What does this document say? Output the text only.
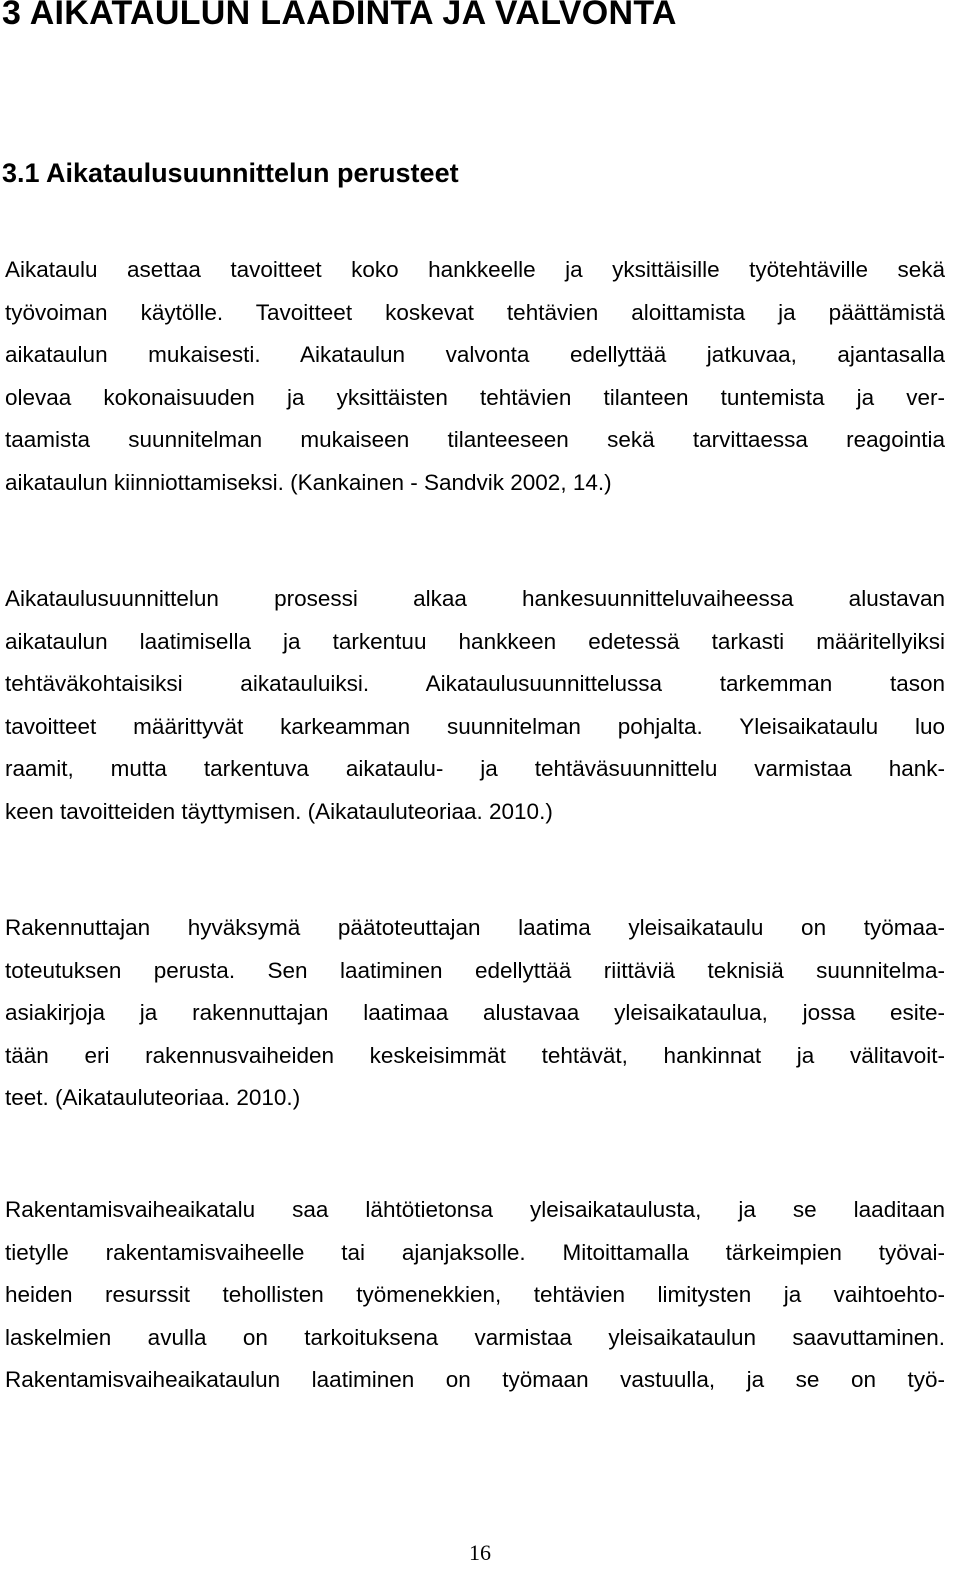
3 AIKATAULUN LAADINTA JA VALVONTA
3.1 Aikataulusuunnittelun perusteet
Aikataulu asettaa tavoitteet koko hankkeelle ja yksittäisille työtehtäville sekä
työvoiman käytölle. Tavoitteet koskevat tehtävien aloittamista ja päättämistä
aikataulun mukaisesti. Aikataulun valvonta edellyttää jatkuvaa, ajantasalla
olevaa kokonaisuuden ja yksittäisten tehtävien tilanteen tuntemista ja ver-
taamista suunnitelman mukaiseen tilanteeseen sekä tarvittaessa reagointia
aikataulun kiinniottamiseksi. (Kankainen - Sandvik 2002, 14.)
Aikataulusuunnittelun prosessi alkaa hankesuunnitteluvaiheessa alustavan
aikataulun laatimisella ja tarkentuu hankkeen edetessä tarkasti määritellyiksi
tehtäväkohtaisiksi aikatauluiksi. Aikataulusuunnittelussa tarkemman tason
tavoitteet määrittyvät karkeamman suunnitelman pohjalta. Yleisaikataulu luo
raamit, mutta tarkentuva aikataulu- ja tehtäväsuunnittelu varmistaa hank-
keen tavoitteiden täyttymisen. (Aikatauluteoriaa. 2010.)
Rakennuttajan hyväksymä päätoteuttajan laatima yleisaikataulu on työmaa-
toteutuksen perusta. Sen laatiminen edellyttää riittäviä teknisiä suunnitelma-
asiakirjoja ja rakennuttajan laatimaa alustavaa yleisaikataulua, jossa esite-
tään eri rakennusvaiheiden keskeisimmät tehtävät, hankinnat ja välitavoit-
teet. (Aikatauluteoriaa. 2010.)
Rakentamisvaiheaikatalu saa lähtötietonsa yleisaikataulusta, ja se laaditaan
tietylle rakentamisvaiheelle tai ajanjaksolle. Mitoittamalla tärkeimpien työvai-
heiden resurssit tehollisten työmenekkien, tehtävien limitysten ja vaihtoehto-
laskelmien avulla on tarkoituksena varmistaa yleisaikataulun saavuttaminen.
Rakentamisvaiheaikataulun laatiminen on työmaan vastuulla, ja se on työ-
16
